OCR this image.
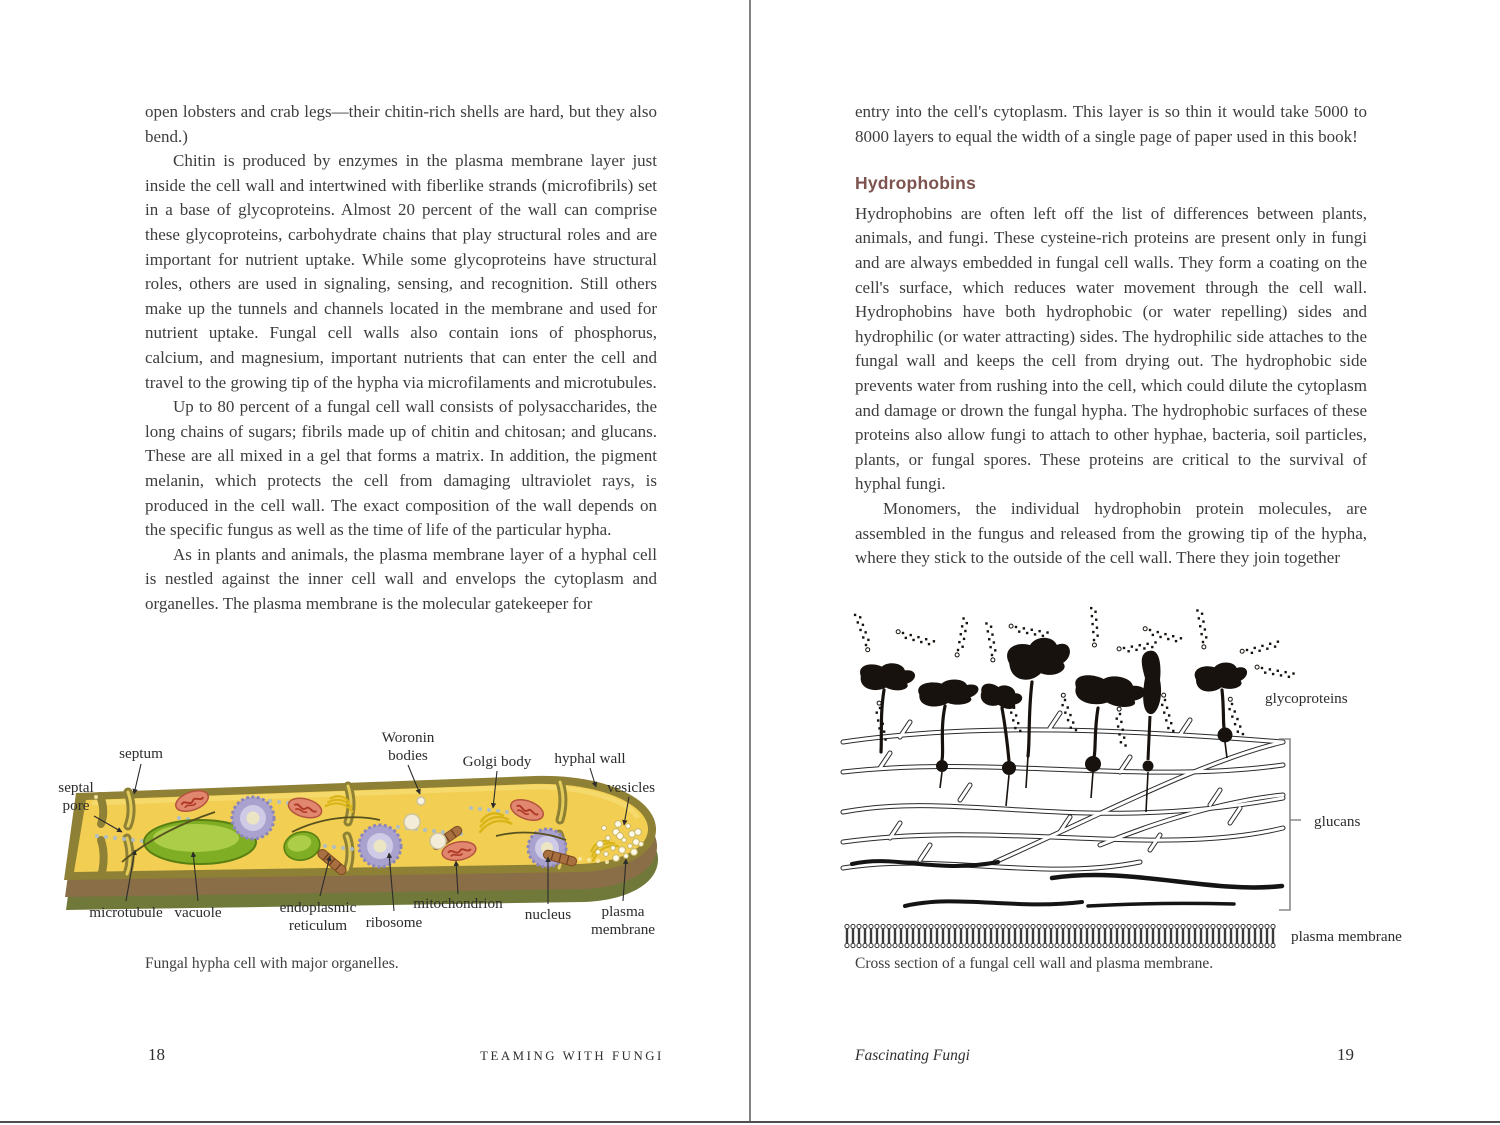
open lobsters and crab legs—their chitin-rich shells are hard, but they also bend.)

Chitin is produced by enzymes in the plasma membrane layer just inside the cell wall and intertwined with fiberlike strands (microfibrils) set in a base of glycoproteins. Almost 20 percent of the wall can comprise these glycoproteins, carbohydrate chains that play structural roles and are important for nutrient uptake. While some glycoproteins have structural roles, others are used in signaling, sensing, and recognition. Still others make up the tunnels and channels located in the membrane and used for nutrient uptake. Fungal cell walls also contain ions of phosphorus, calcium, and magnesium, important nutrients that can enter the cell and travel to the growing tip of the hypha via microfilaments and microtubules.

Up to 80 percent of a fungal cell wall consists of polysaccharides, the long chains of sugars; fibrils made up of chitin and chitosan; and glucans. These are all mixed in a gel that forms a matrix. In addition, the pigment melanin, which protects the cell from damaging ultraviolet rays, is produced in the cell wall. The exact composition of the wall depends on the specific fungus as well as the time of life of the particular hypha.

As in plants and animals, the plasma membrane layer of a hyphal cell is nestled against the inner cell wall and envelops the cytoplasm and organelles. The plasma membrane is the molecular gatekeeper for

septum
septal
pore
Woronin
bodies Golgi body hyphal wall
vesicles
microtubule vacuole	endoplasmic
reticulum ribosome
mitochondrion
nucleus plasma
membrane
Fungal hypha cell with major organelles.
18	TEAMING WITH FUNGI

entry into the cell's cytoplasm. This layer is so thin it would take 5000 to 8000 layers to equal the width of a single page of paper used in this book!

Hydrophobins

Hydrophobins are often left off the list of differences between plants, animals, and fungi. These cysteine-rich proteins are present only in fungi and are always embedded in fungal cell walls. They form a coating on the cell's surface, which reduces water movement through the cell wall. Hydrophobins have both hydrophobic (or water repelling) sides and hydrophilic (or water attracting) sides. The hydrophilic side attaches to the fungal wall and keeps the cell from drying out. The hydrophobic side prevents water from rushing into the cell, which could dilute the cytoplasm and damage or drown the fungal hypha. The hydrophobic surfaces of these proteins also allow fungi to attach to other hyphae, bacteria, soil particles, plants, or fungal spores. These proteins are critical to the survival of hyphal fungi.

Monomers, the individual hydrophobin protein molecules, are assembled in the fungus and released from the growing tip of the hypha, where they stick to the outside of the cell wall. There they join together

glycoproteins
glucans
plasma membrane
Cross section of a fungal cell wall and plasma membrane.
Fascinating Fungi	19
